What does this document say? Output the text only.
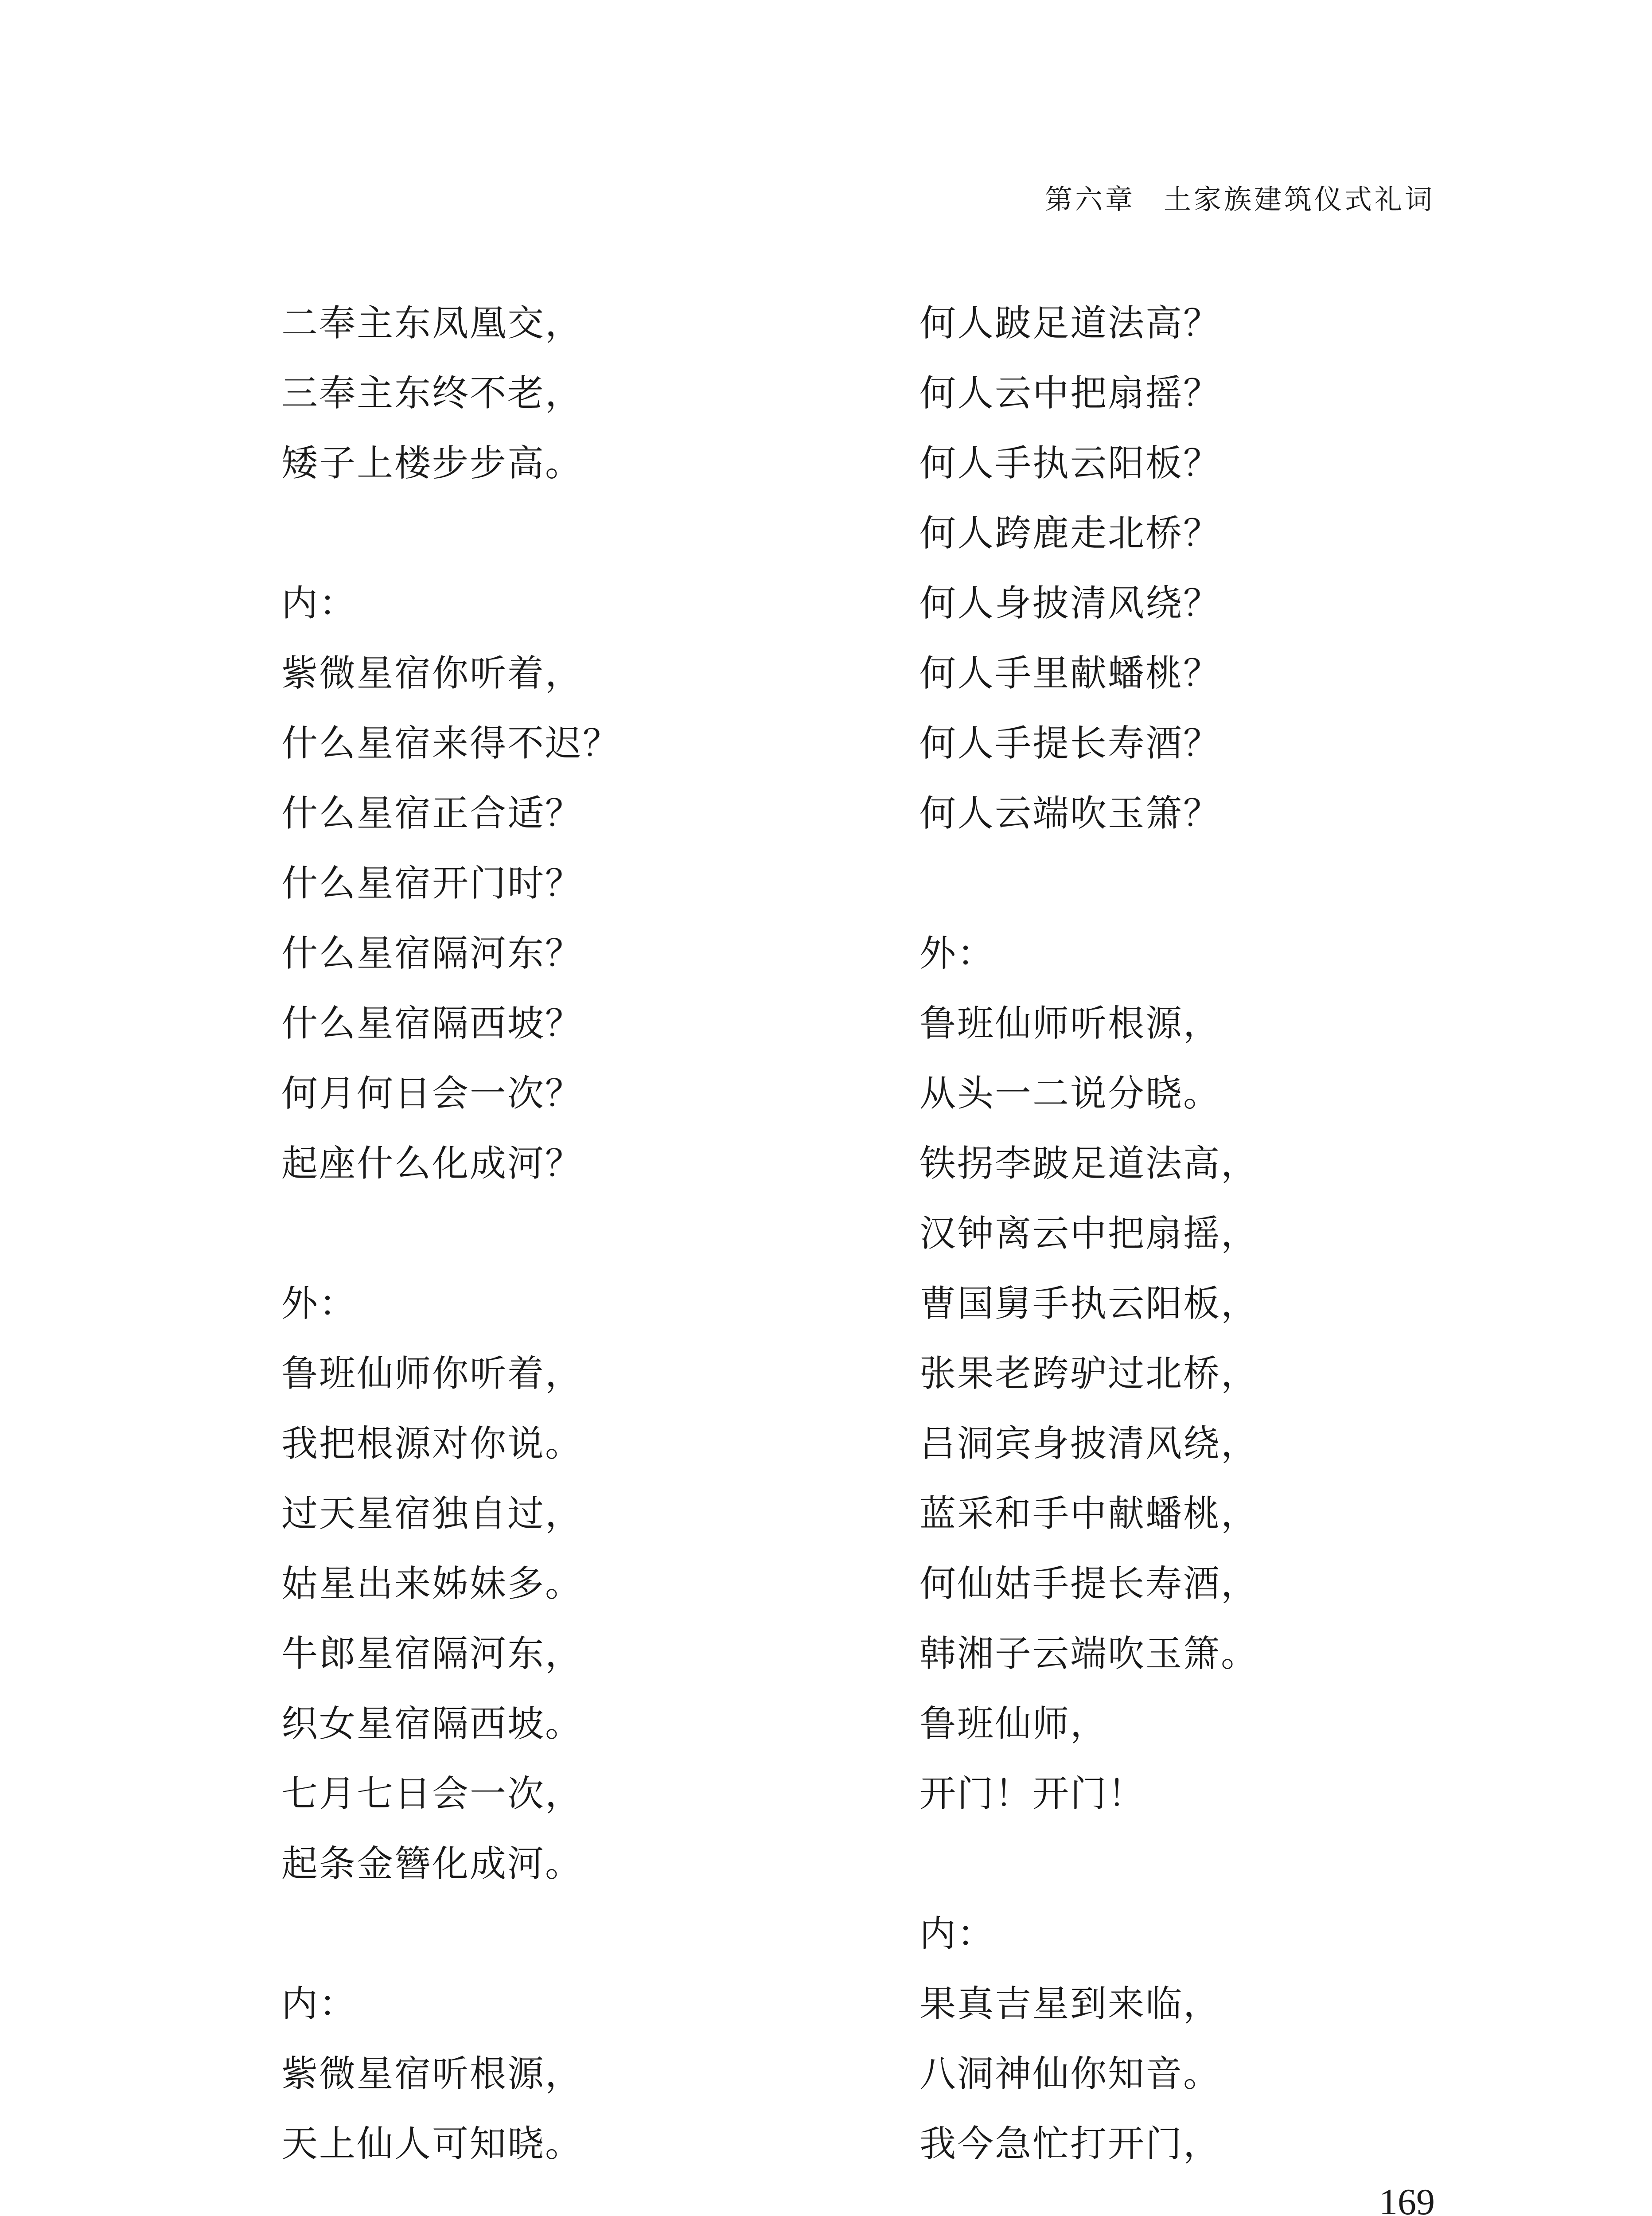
第六章 土家族建筑仪式礼词
二奉主东凤凰交，
三奉主东终不老，
矮子上楼步步高。
内：
紫微星宿你听着，
什么星宿来得不迟？
什么星宿正合适？
什么星宿开门时？
什么星宿隔河东？
什么星宿隔西坡？
何月何日会一次？
起座什么化成河？
外：
鲁班仙师你听着，
我把根源对你说。
过天星宿独自过，
姑星出来姊妹多。
牛郎星宿隔河东，
织女星宿隔西坡。
七月七日会一次，
起条金簪化成河。
内：
紫微星宿听根源，
天上仙人可知晓。
何人跛足道法高？
何人云中把扇摇？
何人手执云阳板？
何人跨鹿走北桥？
何人身披清风绕？
何人手里献蟠桃？
何人手提长寿酒？
何人云端吹玉箫？
外：
鲁班仙师听根源，
从头一二说分晓。
铁拐李跛足道法高，
汉钟离云中把扇摇，
曹国舅手执云阳板，
张果老跨驴过北桥，
吕洞宾身披清风绕，
蓝采和手中献蟠桃，
何仙姑手提长寿酒，
韩湘子云端吹玉箫。
鲁班仙师，
开门！开门！
内：
果真吉星到来临，
八洞神仙你知音。
我今急忙打开门，
169
